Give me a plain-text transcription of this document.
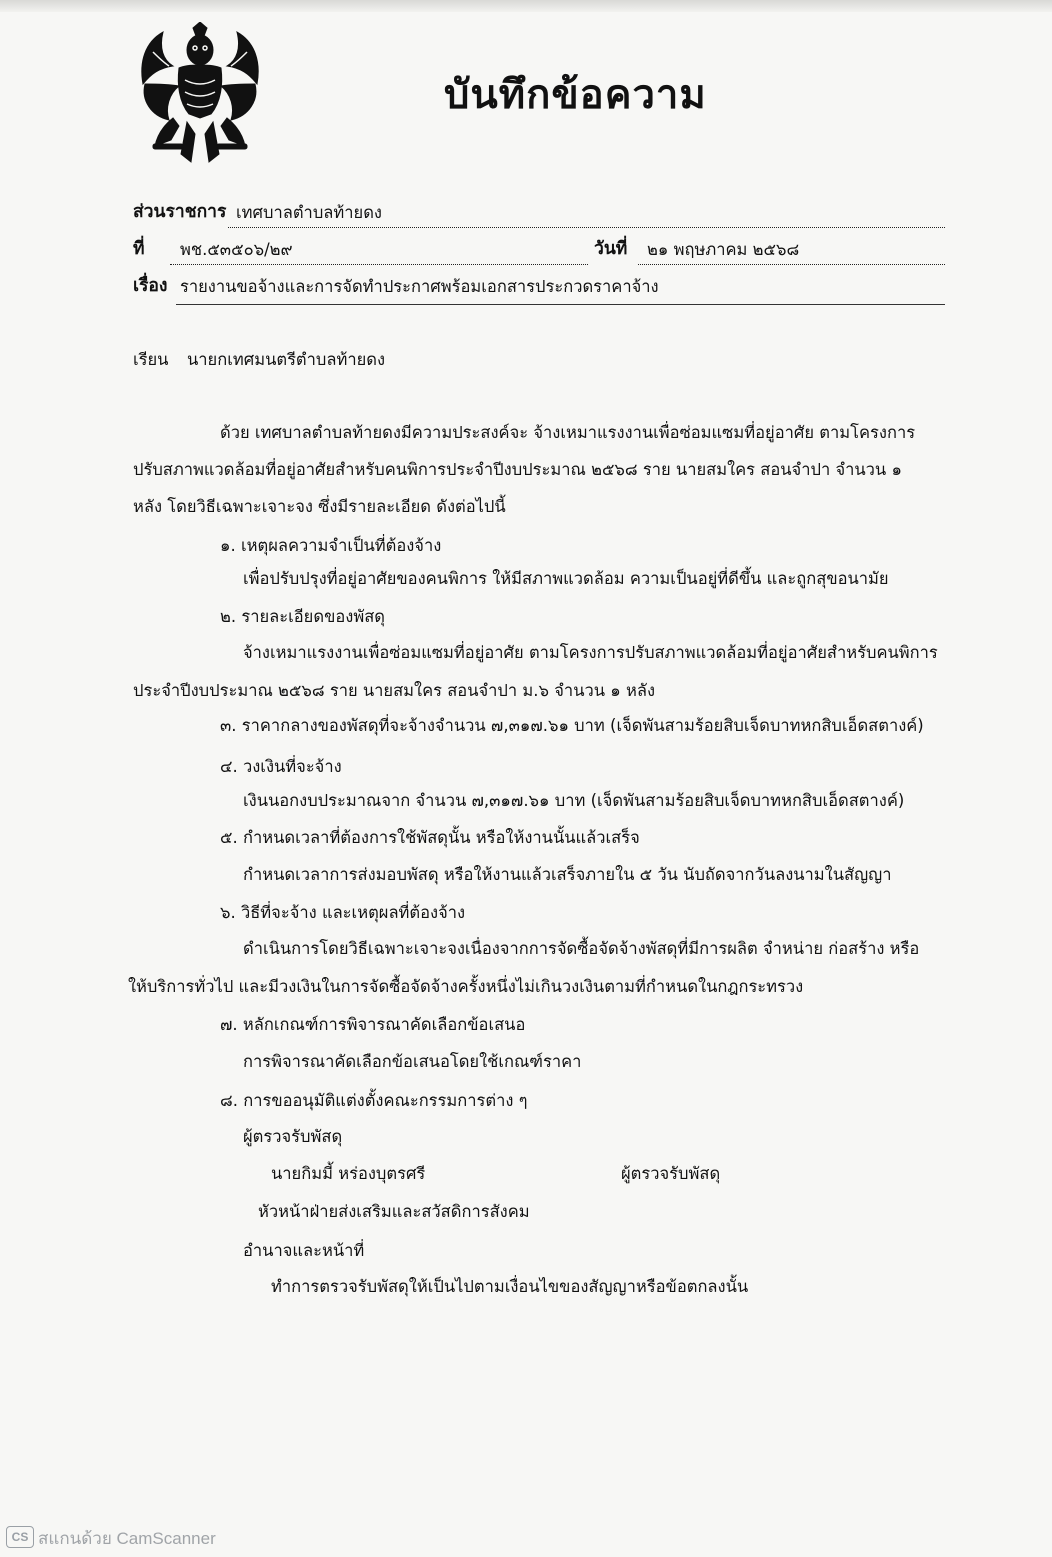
บันทึกข้อความ
ส่วนราชการ เทศบาลตำบลท้ายดง
ที่ พช.๕๓๕๐๖/๒๙	วันที่ ๒๑ พฤษภาคม ๒๕๖๘
เรื่อง รายงานขอจ้างและการจัดทำประกาศพร้อมเอกสารประกวดราคาจ้าง
เรียน นายกเทศมนตรีตำบลท้ายดง
ด้วย เทศบาลตำบลท้ายดงมีความประสงค์จะ จ้างเหมาแรงงานเพื่อซ่อมแซมที่อยู่อาศัย ตามโครงการ
ปรับสภาพแวดล้อมที่อยู่อาศัยสำหรับคนพิการประจำปีงบประมาณ ๒๕๖๘ ราย นายสมใคร สอนจำปา จำนวน ๑
หลัง โดยวิธีเฉพาะเจาะจง ซึ่งมีรายละเอียด ดังต่อไปนี้
๑. เหตุผลความจำเป็นที่ต้องจ้าง
เพื่อปรับปรุงที่อยู่อาศัยของคนพิการ ให้มีสภาพแวดล้อม ความเป็นอยู่ที่ดีขึ้น และถูกสุขอนามัย
๒. รายละเอียดของพัสดุ
จ้างเหมาแรงงานเพื่อซ่อมแซมที่อยู่อาศัย ตามโครงการปรับสภาพแวดล้อมที่อยู่อาศัยสำหรับคนพิการ
ประจำปีงบประมาณ ๒๕๖๘ ราย นายสมใคร สอนจำปา ม.๖ จำนวน ๑ หลัง
๓. ราคากลางของพัสดุที่จะจ้างจำนวน ๗,๓๑๗.๖๑ บาท (เจ็ดพันสามร้อยสิบเจ็ดบาทหกสิบเอ็ดสตางค์)
๔. วงเงินที่จะจ้าง
เงินนอกงบประมาณจาก จำนวน ๗,๓๑๗.๖๑ บาท (เจ็ดพันสามร้อยสิบเจ็ดบาทหกสิบเอ็ดสตางค์)
๕. กำหนดเวลาที่ต้องการใช้พัสดุนั้น หรือให้งานนั้นแล้วเสร็จ
กำหนดเวลาการส่งมอบพัสดุ หรือให้งานแล้วเสร็จภายใน ๕ วัน นับถัดจากวันลงนามในสัญญา
๖. วิธีที่จะจ้าง และเหตุผลที่ต้องจ้าง
ดำเนินการโดยวิธีเฉพาะเจาะจงเนื่องจากการจัดซื้อจัดจ้างพัสดุที่มีการผลิต จำหน่าย ก่อสร้าง หรือ
ให้บริการทั่วไป และมีวงเงินในการจัดซื้อจัดจ้างครั้งหนึ่งไม่เกินวงเงินตามที่กำหนดในกฎกระทรวง
๗. หลักเกณฑ์การพิจารณาคัดเลือกข้อเสนอ
การพิจารณาคัดเลือกข้อเสนอโดยใช้เกณฑ์ราคา
๘. การขออนุมัติแต่งตั้งคณะกรรมการต่าง ๆ
ผู้ตรวจรับพัสดุ
นายกิมมี้ หร่องบุตรศรี	ผู้ตรวจรับพัสดุ
หัวหน้าฝ่ายส่งเสริมและสวัสดิการสังคม
อำนาจและหน้าที่
ทำการตรวจรับพัสดุให้เป็นไปตามเงื่อนไขของสัญญาหรือข้อตกลงนั้น
CS สแกนด้วย CamScanner
